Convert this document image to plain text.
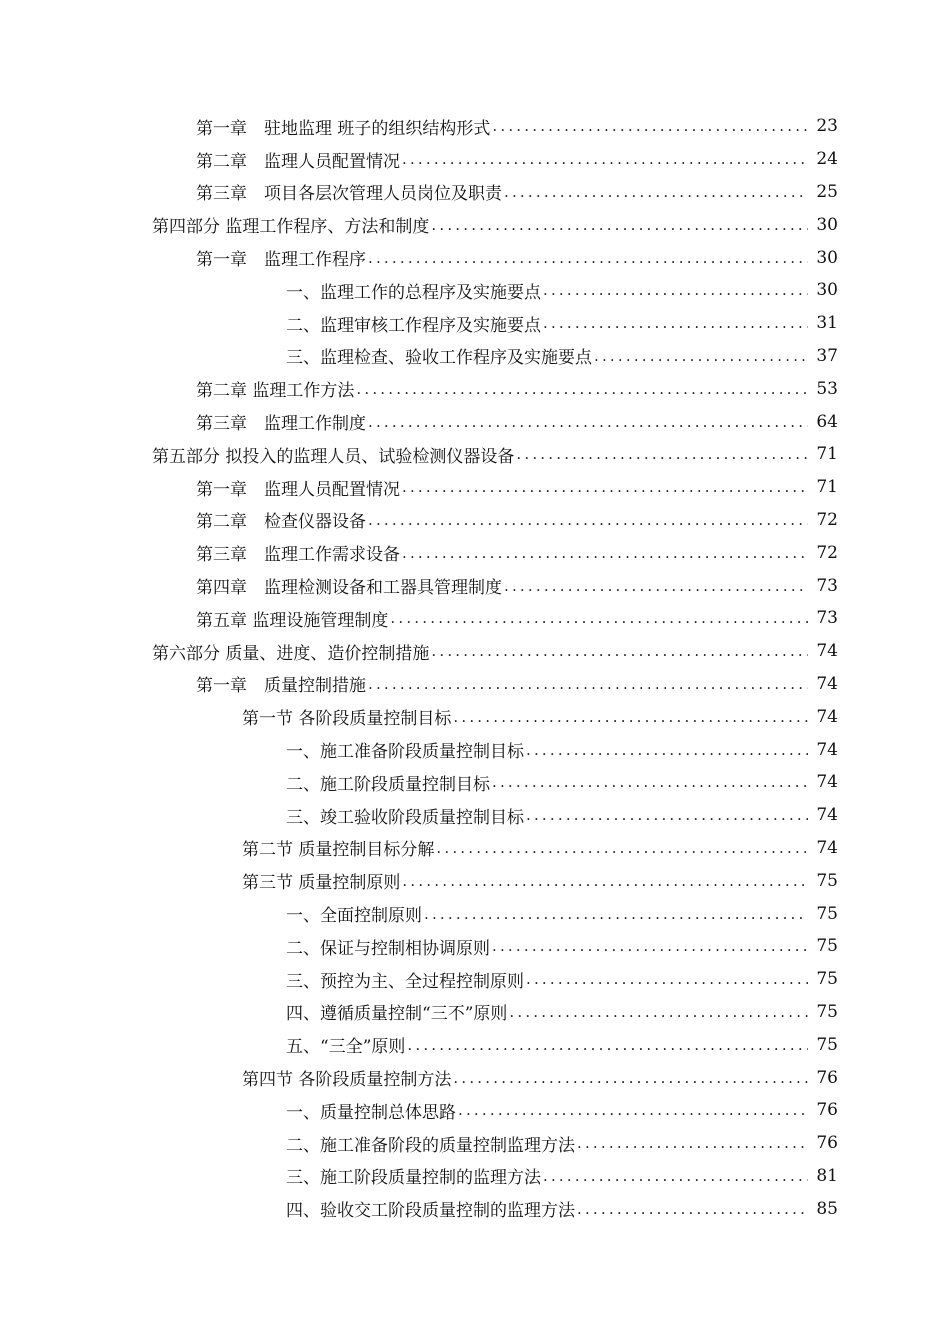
第一章　驻地监理 班子的组织结构形式 .....	23
第二章　监理人员配置情况 .....	24
第三章　项目各层次管理人员岗位及职责 .....	25
第四部分 监理工作程序、方法和制度 .....	30
第一章　监理工作程序 .....	30
一、监理工作的总程序及实施要点 .....	30
二、监理审核工作程序及实施要点 .....	31
三、监理检查、验收工作程序及实施要点 .....	37
第二章 监理工作方法 .....	53
第三章　监理工作制度 .....	64
第五部分 拟投入的监理人员、试验检测仪器设备 .....	71
第一章　监理人员配置情况 .....	71
第二章　检查仪器设备 .....	72
第三章　监理工作需求设备 .....	72
第四章　监理检测设备和工器具管理制度 .....	73
第五章 监理设施管理制度 .....	73
第六部分 质量、进度、造价控制措施 .....	74
第一章　质量控制措施 .....	74
第一节 各阶段质量控制目标 .....	74
一、施工准备阶段质量控制目标 .....	74
二、施工阶段质量控制目标 .....	74
三、竣工验收阶段质量控制目标 .....	74
第二节 质量控制目标分解 .....	74
第三节 质量控制原则 .....	75
一、全面控制原则 .....	75
二、保证与控制相协调原则 .....	75
三、预控为主、全过程控制原则 .....	75
四、遵循质量控制“三不”原则 .....	75
五、“三全”原则 .....	75
第四节 各阶段质量控制方法 .....	76
一、质量控制总体思路 .....	76
二、施工准备阶段的质量控制监理方法 .....	76
三、施工阶段质量控制的监理方法 .....	81
四、验收交工阶段质量控制的监理方法 .....	85
